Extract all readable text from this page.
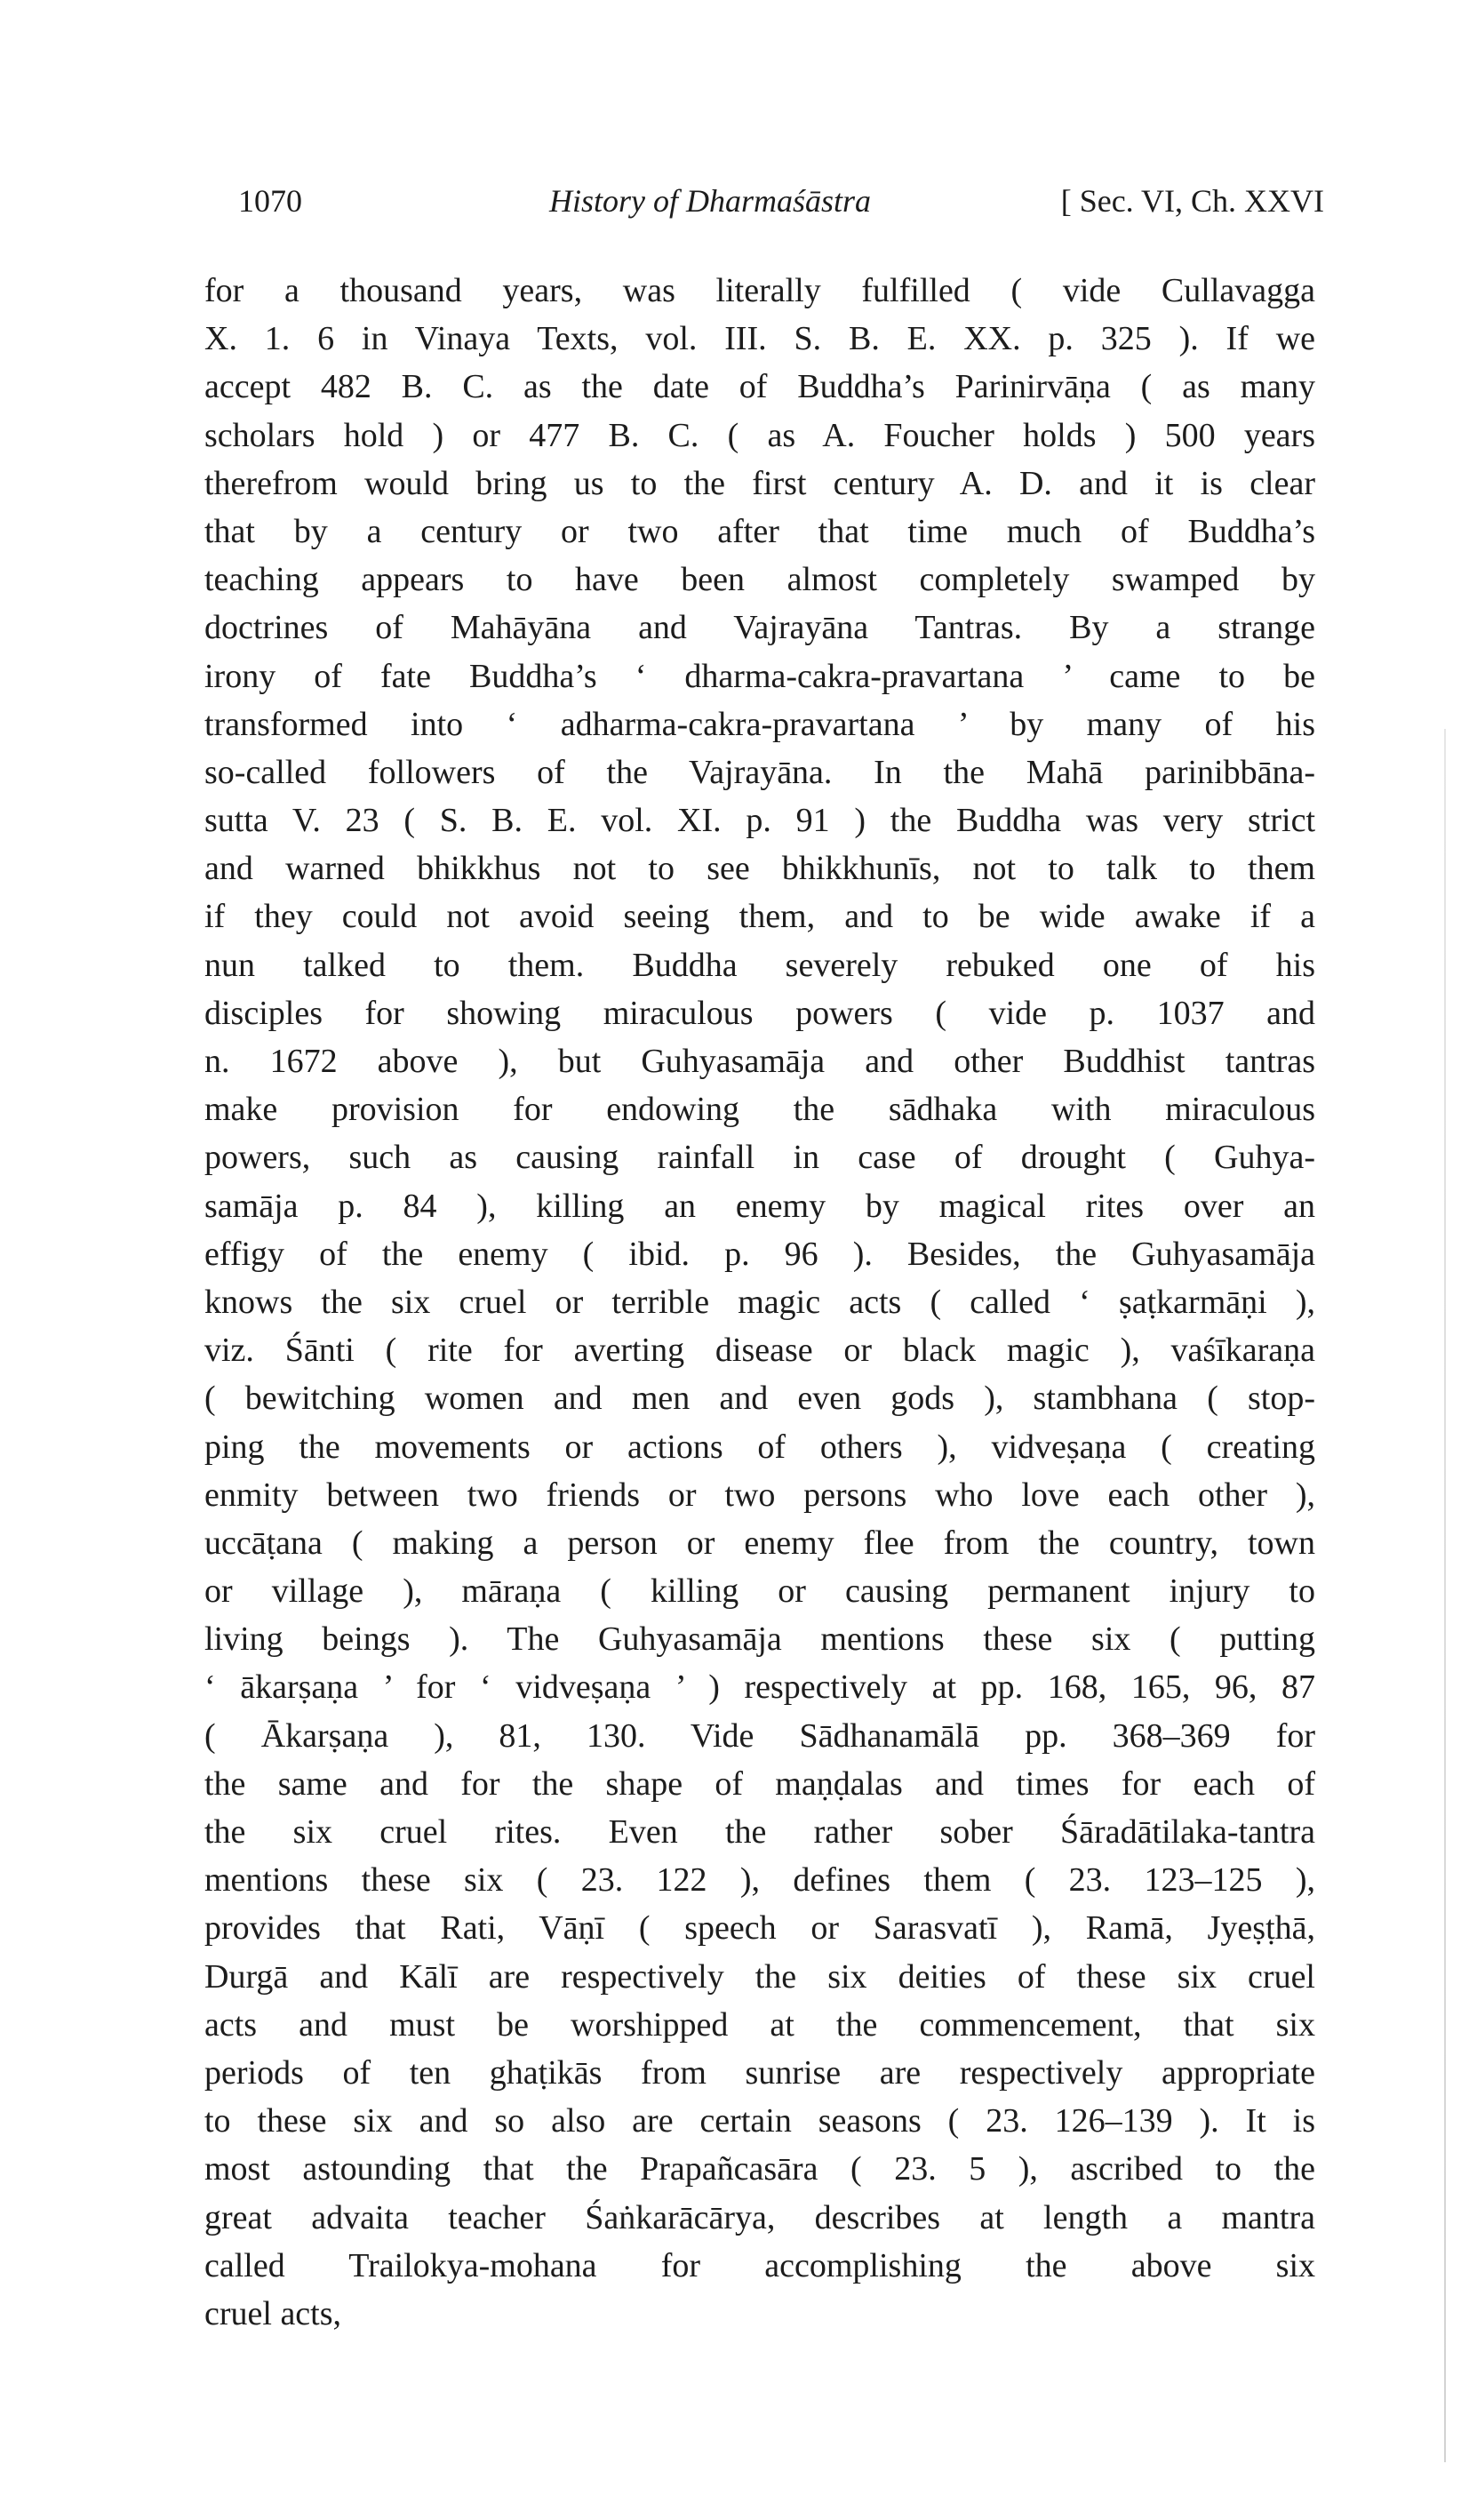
1070	History of Dharmaśāstra	[ Sec. VI, Ch. XXVI
for a thousand years, was literally fulfilled ( vide Cullavagga
X. 1. 6 in Vinaya Texts, vol. III. S. B. E. XX. p. 325 ). If we
accept 482 B. C. as the date of Buddha’s Parinirvāṇa ( as many
scholars hold ) or 477 B. C. ( as A. Foucher holds ) 500 years
therefrom would bring us to the first century A. D. and it is clear
that by a century or two after that time much of Buddha’s
teaching appears to have been almost completely swamped by
doctrines of Mahāyāna and Vajrayāna Tantras. By a strange
irony of fate Buddha’s ‘ dharma-cakra-pravartana ’ came to be
transformed into ‘ adharma-cakra-pravartana ’ by many of his
so-called followers of the Vajrayāna. In the Mahā parinibbāna-
sutta V. 23 ( S. B. E. vol. XI. p. 91 ) the Buddha was very strict
and warned bhikkhus not to see bhikkhunīs, not to talk to them
if they could not avoid seeing them, and to be wide awake if a
nun talked to them. Buddha severely rebuked one of his
disciples for showing miraculous powers ( vide p. 1037 and
n. 1672 above ), but Guhyasamāja and other Buddhist tantras
make provision for endowing the sādhaka with miraculous
powers, such as causing rainfall in case of drought ( Guhya-
samāja p. 84 ), killing an enemy by magical rites over an
effigy of the enemy ( ibid. p. 96 ). Besides, the Guhyasamāja
knows the six cruel or terrible magic acts ( called ‘ ṣaṭkarmāṇi ),
viz. Śānti ( rite for averting disease or black magic ), vaśīkaraṇa
( bewitching women and men and even gods ), stambhana ( stop-
ping the movements or actions of others ), vidveṣaṇa ( creating
enmity between two friends or two persons who love each other ),
uccāṭana ( making a person or enemy flee from the country, town
or village ), māraṇa ( killing or causing permanent injury to
living beings ). The Guhyasamāja mentions these six ( putting
‘ ākarṣaṇa ’ for ‘ vidveṣaṇa ’ ) respectively at pp. 168, 165, 96, 87
( Ākarṣaṇa ), 81, 130. Vide Sādhanamālā pp. 368–369 for
the same and for the shape of maṇḍalas and times for each of
the six cruel rites. Even the rather sober Śāradātilaka-tantra
mentions these six ( 23. 122 ), defines them ( 23. 123–125 ),
provides that Rati, Vāṇī ( speech or Sarasvatī ), Ramā, Jyeṣṭhā,
Durgā and Kālī are respectively the six deities of these six cruel
acts and must be worshipped at the commencement, that six
periods of ten ghaṭikās from sunrise are respectively appropriate
to these six and so also are certain seasons ( 23. 126–139 ). It is
most astounding that the Prapañcasāra ( 23. 5 ), ascribed to the
great advaita teacher Śaṅkarācārya, describes at length a mantra
called Trailokya-mohana for accomplishing the above six
cruel acts,
